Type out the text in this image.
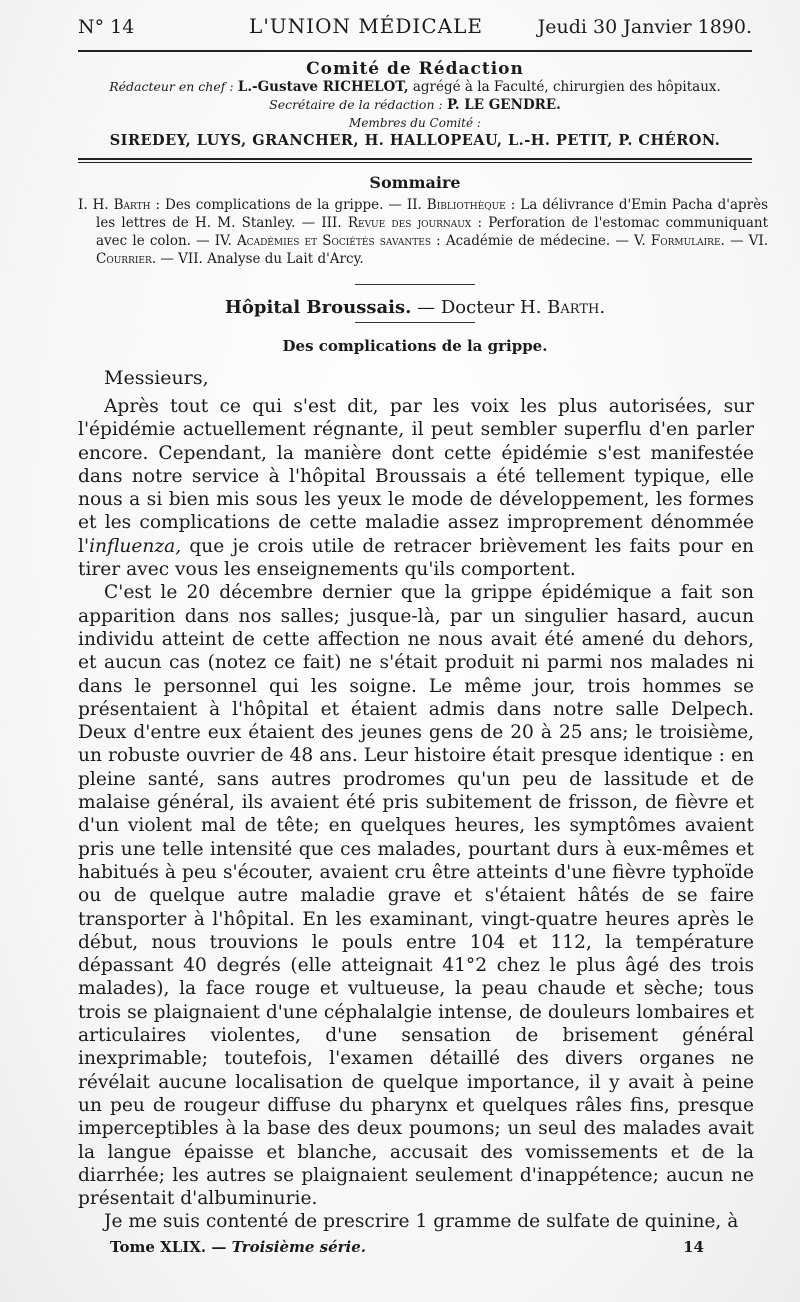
N° 14	L'UNION MÉDICALE	Jeudi 30 Janvier 1890.
Comité de Rédaction
Rédacteur en chef : L.-Gustave RICHELOT, agrégé à la Faculté, chirurgien des hôpitaux.
Secrétaire de la rédaction : P. LE GENDRE.
Membres du Comité :
SIREDEY, LUYS, GRANCHER, H. HALLOPEAU, L.-H. PETIT, P. CHÉRON.
Sommaire
I. H. Barth : Des complications de la grippe. — II. Bibliothèque : La délivrance d'Emin Pacha d'après les lettres de H. M. Stanley. — III. Revue des journaux : Perforation de l'estomac communiquant avec le colon. — IV. Académies et Sociétés savantes : Académie de médecine. — V. Formulaire. — VI. Courrier. — VII. Analyse du Lait d'Arcy.
Hôpital Broussais. — Docteur H. Barth.
Des complications de la grippe.
Messieurs,

Après tout ce qui s'est dit, par les voix les plus autorisées, sur l'épidémie actuellement régnante, il peut sembler superflu d'en parler encore. Cependant, la manière dont cette épidémie s'est manifestée dans notre service à l'hôpital Broussais a été tellement typique, elle nous a si bien mis sous les yeux le mode de développement, les formes et les complications de cette maladie assez improprement dénommée l'influenza, que je crois utile de retracer brièvement les faits pour en tirer avec vous les enseignements qu'ils comportent.

C'est le 20 décembre dernier que la grippe épidémique a fait son apparition dans nos salles; jusque-là, par un singulier hasard, aucun individu atteint de cette affection ne nous avait été amené du dehors, et aucun cas (notez ce fait) ne s'était produit ni parmi nos malades ni dans le personnel qui les soigne. Le même jour, trois hommes se présentaient à l'hôpital et étaient admis dans notre salle Delpech. Deux d'entre eux étaient des jeunes gens de 20 à 25 ans; le troisième, un robuste ouvrier de 48 ans. Leur histoire était presque identique : en pleine santé, sans autres prodromes qu'un peu de lassitude et de malaise général, ils avaient été pris subitement de frisson, de fièvre et d'un violent mal de tête; en quelques heures, les symptômes avaient pris une telle intensité que ces malades, pourtant durs à eux-mêmes et habitués à peu s'écouter, avaient cru être atteints d'une fièvre typhoïde ou de quelque autre maladie grave et s'étaient hâtés de se faire transporter à l'hôpital. En les examinant, vingt-quatre heures après le début, nous trouvions le pouls entre 104 et 112, la température dépassant 40 degrés (elle atteignait 41°2 chez le plus âgé des trois malades), la face rouge et vultueuse, la peau chaude et sèche; tous trois se plaignaient d'une céphalalgie intense, de douleurs lombaires et articulaires violentes, d'une sensation de brisement général inexprimable; toutefois, l'examen détaillé des divers organes ne révélait aucune localisation de quelque importance, il y avait à peine un peu de rougeur diffuse du pharynx et quelques râles fins, presque imperceptibles à la base des deux poumons; un seul des malades avait la langue épaisse et blanche, accusait des vomissements et de la diarrhée; les autres se plaignaient seulement d'inappétence; aucun ne présentait d'albuminurie.

Je me suis contenté de prescrire 1 gramme de sulfate de quinine, à

Tome XLIX. — Troisième série.	14
